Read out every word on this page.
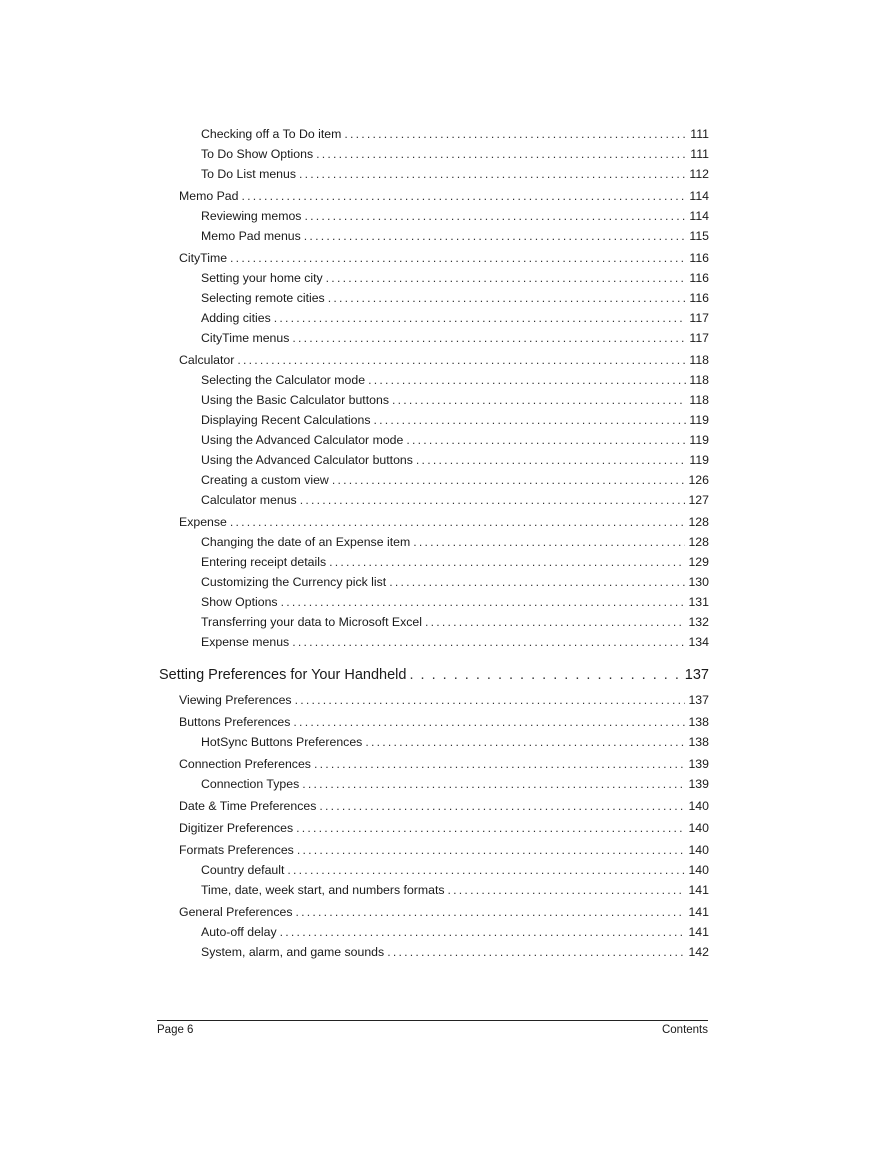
Checking off a To Do item . . .	111
To Do Show Options . . .	111
To Do List menus . . .	112
Memo Pad . . .	114
Reviewing memos . . .	114
Memo Pad menus . . .	115
CityTime . . .	116
Setting your home city . . .	116
Selecting remote cities . . .	116
Adding cities . . .	117
CityTime menus . . .	117
Calculator . . .	118
Selecting the Calculator mode . . .	118
Using the Basic Calculator buttons . . .	118
Displaying Recent Calculations . . .	119
Using the Advanced Calculator mode . . .	119
Using the Advanced Calculator buttons . . .	119
Creating a custom view . . .	126
Calculator menus . . .	127
Expense . . .	128
Changing the date of an Expense item . . .	128
Entering receipt details . . .	129
Customizing the Currency pick list . . .	130
Show Options . . .	131
Transferring your data to Microsoft Excel . . .	132
Expense menus . . .	134
Setting Preferences for Your Handheld . . .	137
Viewing Preferences . . .	137
Buttons Preferences . . .	138
HotSync Buttons Preferences . . .	138
Connection Preferences . . .	139
Connection Types . . .	139
Date & Time Preferences . . .	140
Digitizer Preferences . . .	140
Formats Preferences . . .	140
Country default . . .	140
Time, date, week start, and numbers formats . . .	141
General Preferences . . .	141
Auto-off delay . . .	141
System, alarm, and game sounds . . .	142
Page 6	Contents
